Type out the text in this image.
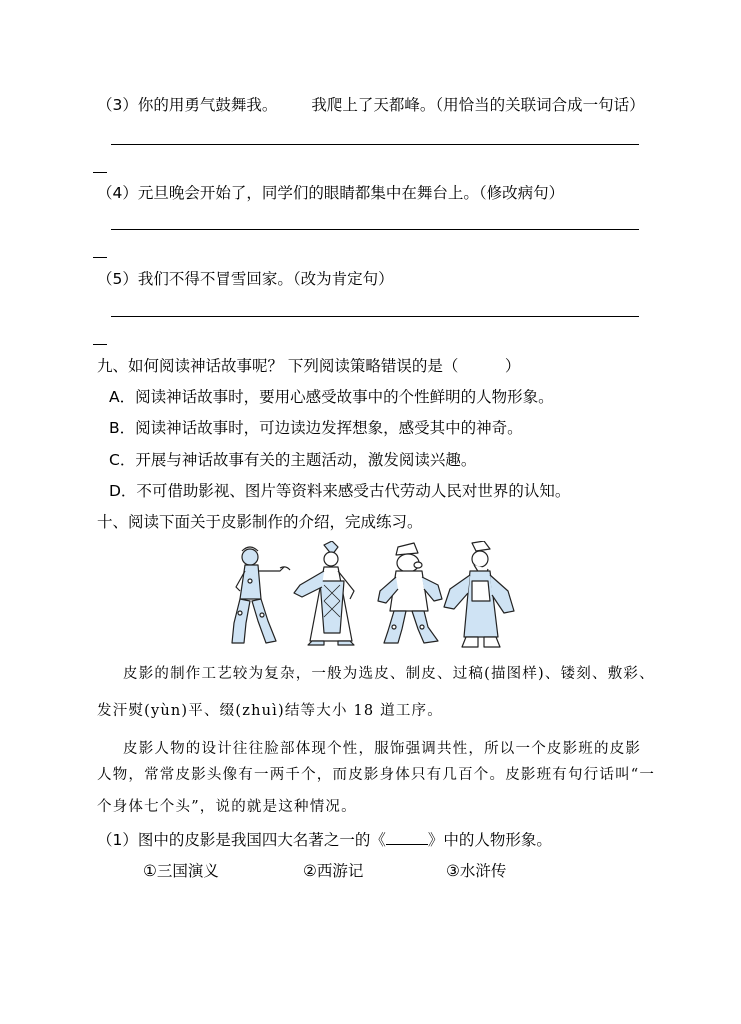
（3）你的用勇气鼓舞我。 我爬上了天都峰。（用恰当的关联词合成一句话）
（4）元旦晚会开始了，同学们的眼睛都集中在舞台上。（修改病句）
（5）我们不得不冒雪回家。（改为肯定句）
九、如何阅读神话故事呢？ 下列阅读策略错误的是（　　　）
A．阅读神话故事时，要用心感受故事中的个性鲜明的人物形象。
B．阅读神话故事时，可边读边发挥想象，感受其中的神奇。
C．开展与神话故事有关的主题活动，激发阅读兴趣。
D．不可借助影视、图片等资料来感受古代劳动人民对世界的认知。
十、阅读下面关于皮影制作的介绍，完成练习。
皮影的制作工艺较为复杂，一般为选皮、制皮、过稿(描图样)、镂刻、敷彩、
发汗熨(yùn)平、缀(zhuì)结等大小 18 道工序。
皮影人物的设计往往脸部体现个性，服饰强调共性，所以一个皮影班的皮影
人物，常常皮影头像有一两千个，而皮影身体只有几百个。皮影班有句行话叫“一
个身体七个头”，说的就是这种情况。
（1）图中的皮影是我国四大名著之一的《	》中的人物形象。
①三国演义	②西游记	③水浒传
